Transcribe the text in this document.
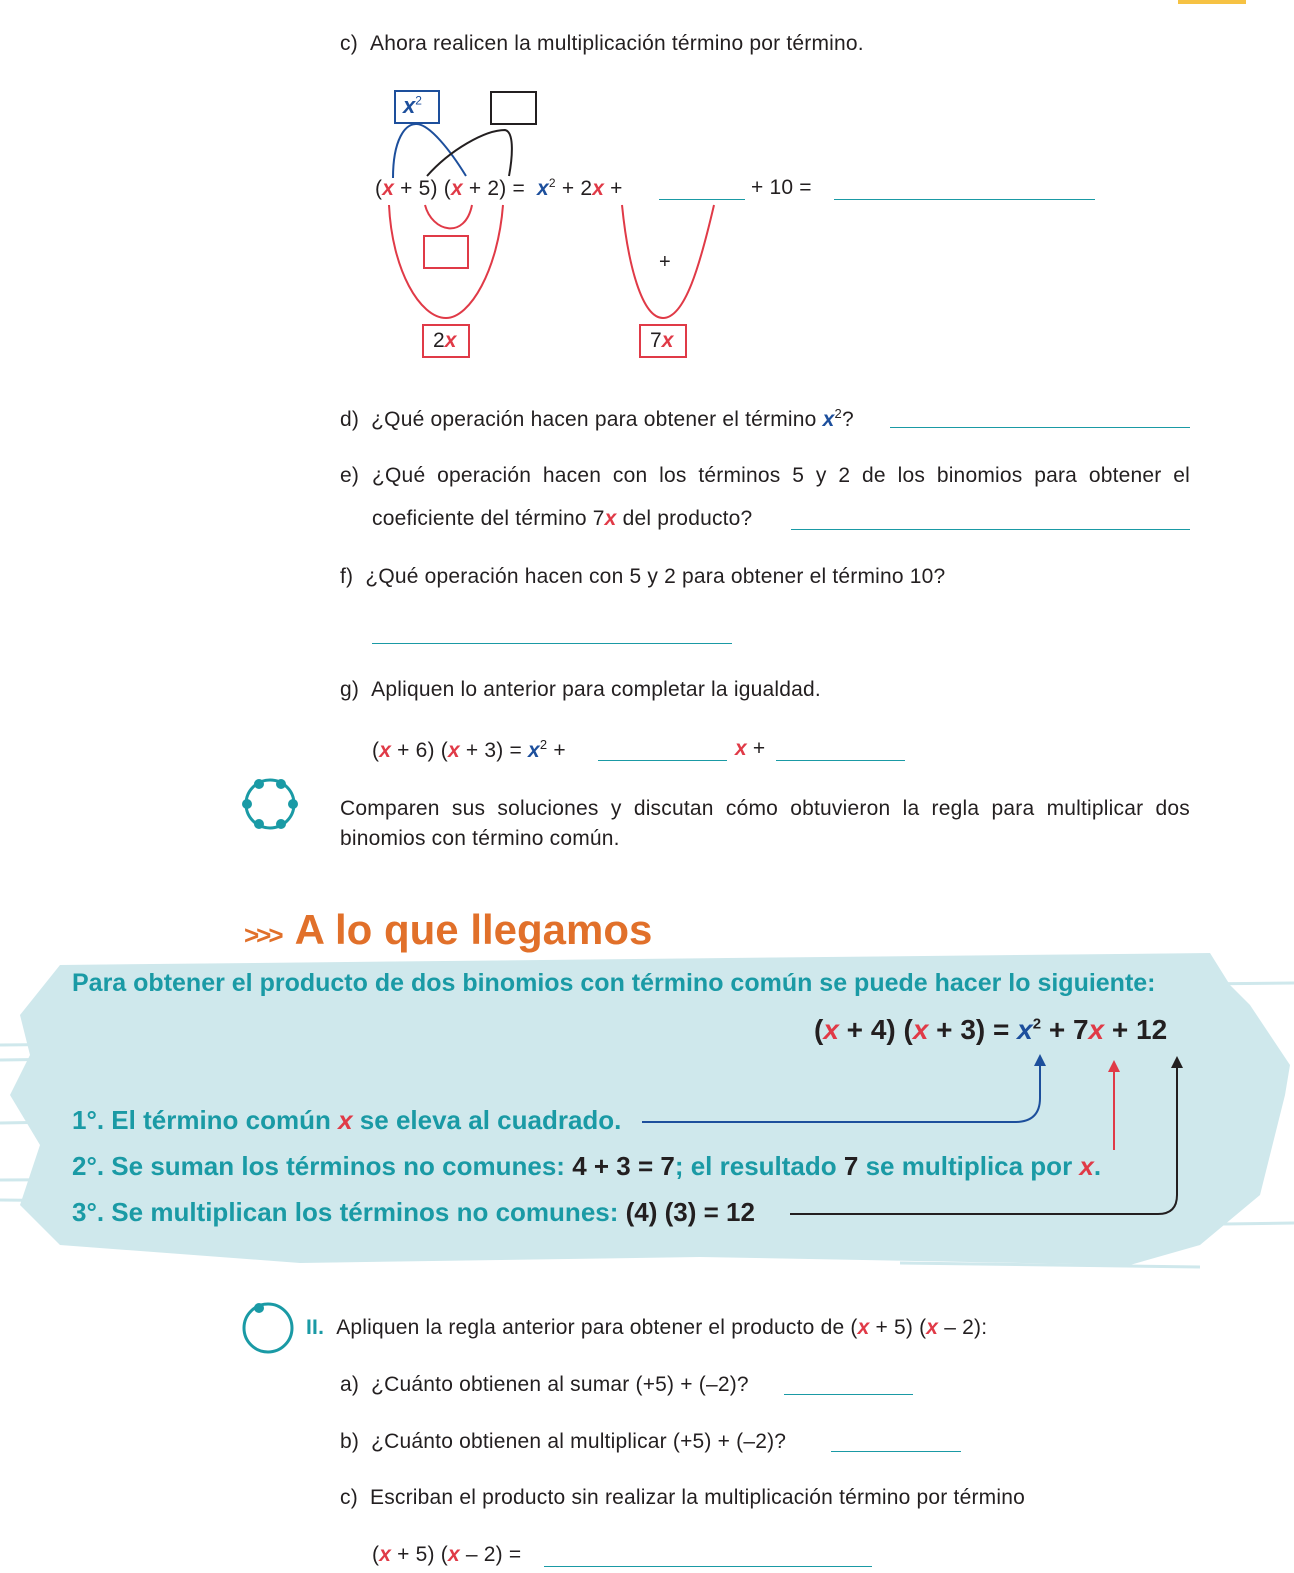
c) Ahora realicen la multiplicación término por término.
$x^2$
(x + 5) $(x + 2) = x^2 + 2x$ +	+ 10 =
+
2x	7x
d) ¿Qué operación hacen para obtener el término $x^2$?
e) ¿Qué operación hacen con los términos 5 y 2 de los binomios para obtener el
coeficiente del término 7x del producto?
f) ¿Qué operación hacen con 5 y 2 para obtener el término 10?
g) Apliquen lo anterior para completar la igualdad.
(x + 6) $(x + 3) = x^2$ +	x +
Comparen sus soluciones y discutan cómo obtuvieron la regla para multiplicar dos
binomios con término común.
>>> A lo que llegamos
Para obtener el producto de dos binomios con término común se puede hacer lo siguiente:
(x + 4) $(x + 3) = x^2 + 7x + 12$
1°. El término común x se eleva al cuadrado.
2°. Se suman los términos no comunes: 4 + 3 = 7; el resultado 7 se multiplica por x.
3°. Se multiplican los términos no comunes: (4) (3) = 12
II. Apliquen la regla anterior para obtener el producto de (x + 5) (x – 2):
a) ¿Cuánto obtienen al sumar (+5) + (–2)?
b) ¿Cuánto obtienen al multiplicar (+5) + (–2)?
c) Escriban el producto sin realizar la multiplicación término por término
(x + 5) (x – 2) =
